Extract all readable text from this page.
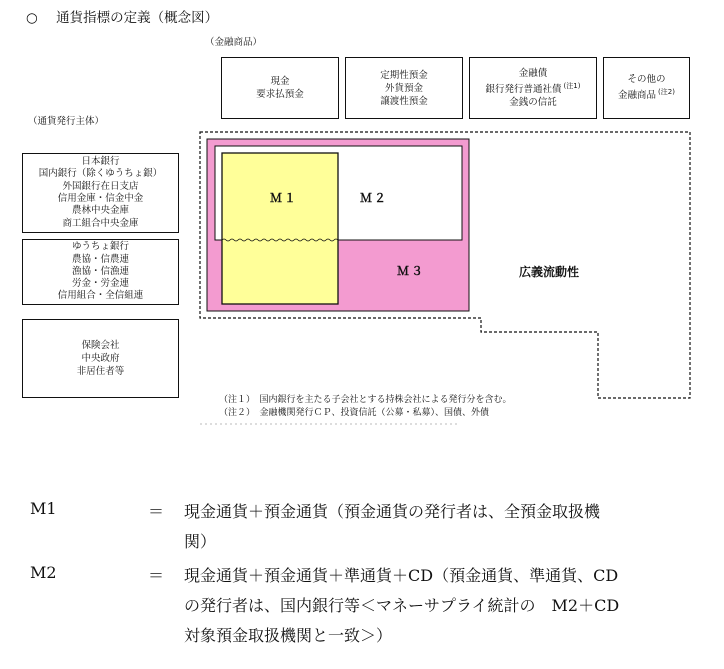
○ 通貨指標の定義（概念図）
（金融商品）
現金
要求払預金
定期性預金
外貨預金
譲渡性預金
金融債
銀行発行普通社債 $^{(注1)}$
金銭の信託
その他の
金融商品 $^{(注2)}$
（通貨発行主体）
日本銀行
国内銀行（除くゆうちょ銀）
外国銀行在日支店
信用金庫・信金中金
農林中央金庫
商工組合中央金庫
ゆうちょ銀行
農協・信農連
漁協・信漁連
労金・労金連
信用組合・全信組連
保険会社
中央政府
非居住者等
Ｍ１	Ｍ２
Ｍ３	広義流動性
（注１）　国内銀行を主たる子会社とする持株会社による発行分を含む。
（注２）　金融機関発行ＣＰ、投資信託（公募・私募）、国債、外債
M1	＝ 現金通貨＋預金通貨（預金通貨の発行者は、全預金取扱機
関）
M2	＝ 現金通貨＋預金通貨＋準通貨＋CD（預金通貨、準通貨、CD
の発行者は、国内銀行等＜マネーサプライ統計の　M2＋CD
対象預金取扱機関と一致＞）
